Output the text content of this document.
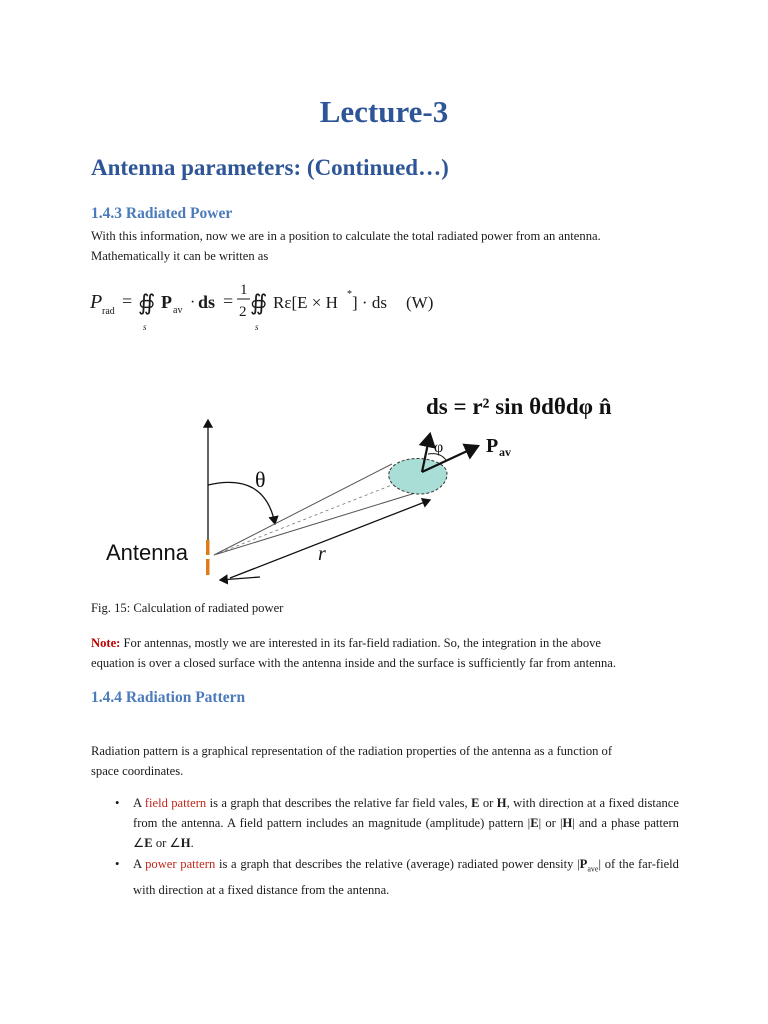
Lecture-3
Antenna parameters: (Continued…)
1.4.3 Radiated Power
With this information, now we are in a position to calculate the total radiated power from an antenna.
Mathematically it can be written as
P rad
= ∯
s
P av · ds =
1
2 ∯
s
Rε[E × H * ] · ds (W)
ds = r² sin θdθdφ n̂
θ
φ P av
r
Antenna
Fig. 15: Calculation of radiated power
Note: For antennas, mostly we are interested in its far-field radiation. So, the integration in the above
equation is over a closed surface with the antenna inside and the surface is sufficiently far from antenna.
1.4.4 Radiation Pattern
Radiation pattern is a graphical representation of the radiation properties of the antenna as a function of
space coordinates.
• A field pattern is a graph that describes the relative far field vales, E or H, with direction at a fixed distance from the antenna. A field pattern includes an magnitude (amplitude) pattern |E| or |H| and a phase pattern ∠E or ∠H.
• A power pattern is a graph that describes the relative (average) radiated power density $|P_{ave}|$ of the far-field with direction at a fixed distance from the antenna.
